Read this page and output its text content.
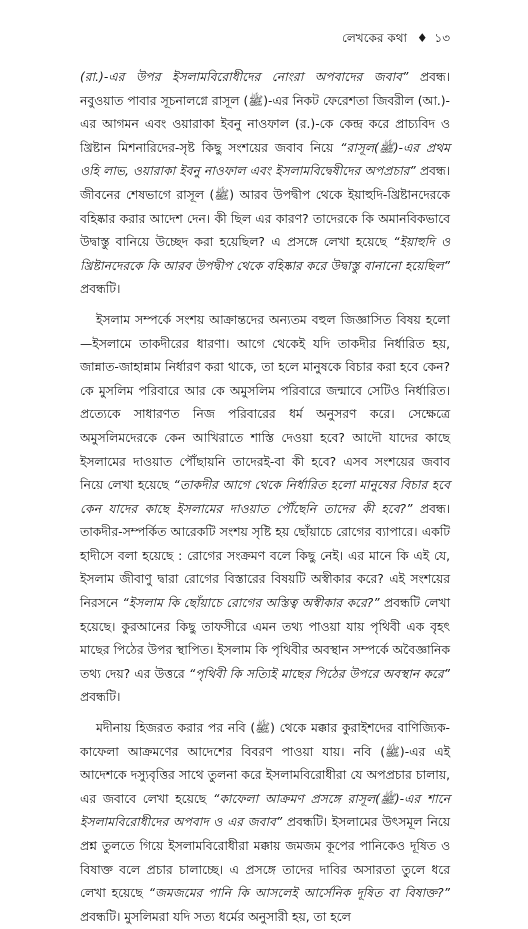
লেখকের কথা ♦ ১৩

(রা.)-এর উপর ইসলামবিরোধীদের নোংরা অপবাদের জবাব” প্রবন্ধ। নবুওয়াত পাবার সূচনালগ্নে রাসূল (ﷺ)-এর নিকট ফেরেশতা জিবরীল (আ.)-এর আগমন এবং ওয়ারাকা ইবনু নাওফাল (র.)-কে কেন্দ্র করে প্রাচ্যবিদ ও খ্রিষ্টান মিশনারিদের-সৃষ্ট কিছু সংশয়ের জবাব নিয়ে “রাসূল(ﷺ)-এর প্রথম ওহি লাভ, ওয়ারাকা ইবনু নাওফাল এবং ইসলামবিদ্বেষীদের অপপ্রচার” প্রবন্ধ। জীবনের শেষভাগে রাসূল (ﷺ) আরব উপদ্বীপ থেকে ইয়াহুদি-খ্রিষ্টানদেরকে বহিষ্কার করার আদেশ দেন। কী ছিল এর কারণ? তাদেরকে কি অমানবিকভাবে উদ্বাস্তু বানিয়ে উচ্ছেদ করা হয়েছিল? এ প্রসঙ্গে লেখা হয়েছে “ইয়াহুদি ও খ্রিষ্টানদেরকে কি আরব উপদ্বীপ থেকে বহিষ্কার করে উদ্বাস্তু বানানো হয়েছিল” প্রবন্ধটি।

ইসলাম সম্পর্কে সংশয় আক্রান্তদের অন্যতম বহুল জিজ্ঞাসিত বিষয় হলো—ইসলামে তাকদীরের ধারণা। আগে থেকেই যদি তাকদীর নির্ধারিত হয়, জান্নাত-জাহান্নাম নির্ধারণ করা থাকে, তা হলে মানুষকে বিচার করা হবে কেন? কে মুসলিম পরিবারে আর কে অমুসলিম পরিবারে জন্মাবে সেটিও নির্ধারিত। প্রত্যেকে সাধারণত নিজ পরিবারের ধর্ম অনুসরণ করে। সেক্ষেত্রে অমুসলিমদেরকে কেন আখিরাতে শাস্তি দেওয়া হবে? আদৌ যাদের কাছে ইসলামের দাওয়াত পৌঁছায়নি তাদেরই-বা কী হবে? এসব সংশয়ের জবাব নিয়ে লেখা হয়েছে “তাকদীর আগে থেকে নির্ধারিত হলো মানুষের বিচার হবে কেন যাদের কাছে ইসলামের দাওয়াত পৌঁছেনি তাদের কী হবে?” প্রবন্ধ। তাকদীর-সম্পর্কিত আরেকটি সংশয় সৃষ্টি হয় ছোঁয়াচে রোগের ব্যাপারে। একটি হাদীসে বলা হয়েছে : রোগের সংক্রমণ বলে কিছু নেই। এর মানে কি এই যে, ইসলাম জীবাণু দ্বারা রোগের বিস্তারের বিষয়টি অস্বীকার করে? এই সংশয়ের নিরসনে “ইসলাম কি ছোঁয়াচে রোগের অস্তিত্ব অস্বীকার করে?” প্রবন্ধটি লেখা হয়েছে। কুরআনের কিছু তাফসীরে এমন তথ্য পাওয়া যায় পৃথিবী এক বৃহৎ মাছের পিঠের উপর স্থাপিত। ইসলাম কি পৃথিবীর অবস্থান সম্পর্কে অবৈজ্ঞানিক তথ্য দেয়? এর উত্তরে “পৃথিবী কি সত্যিই মাছের পিঠের উপরে অবস্থান করে” প্রবন্ধটি।

মদীনায় হিজরত করার পর নবি (ﷺ) থেকে মক্কার কুরাইশদের বাণিজ্যিক-কাফেলা আক্রমণের আদেশের বিবরণ পাওয়া যায়। নবি (ﷺ)-এর এই আদেশকে দস্যুবৃত্তির সাথে তুলনা করে ইসলামবিরোধীরা যে অপপ্রচার চালায়, এর জবাবে লেখা হয়েছে “কাফেলা আক্রমণ প্রসঙ্গে রাসূল(ﷺ)-এর শানে ইসলামবিরোধীদের অপবাদ ও এর জবাব” প্রবন্ধটি। ইসলামের উৎসমূল নিয়ে প্রশ্ন তুলতে গিয়ে ইসলামবিরোধীরা মক্কায় জমজম কূপের পানিকেও দূষিত ও বিষাক্ত বলে প্রচার চালাচ্ছে। এ প্রসঙ্গে তাদের দাবির অসারতা তুলে ধরে লেখা হয়েছে “জমজমের পানি কি আসলেই আর্সেনিক দূষিত বা বিষাক্ত?” প্রবন্ধটি। মুসলিমরা যদি সত্য ধর্মের অনুসারী হয়, তা হলে
